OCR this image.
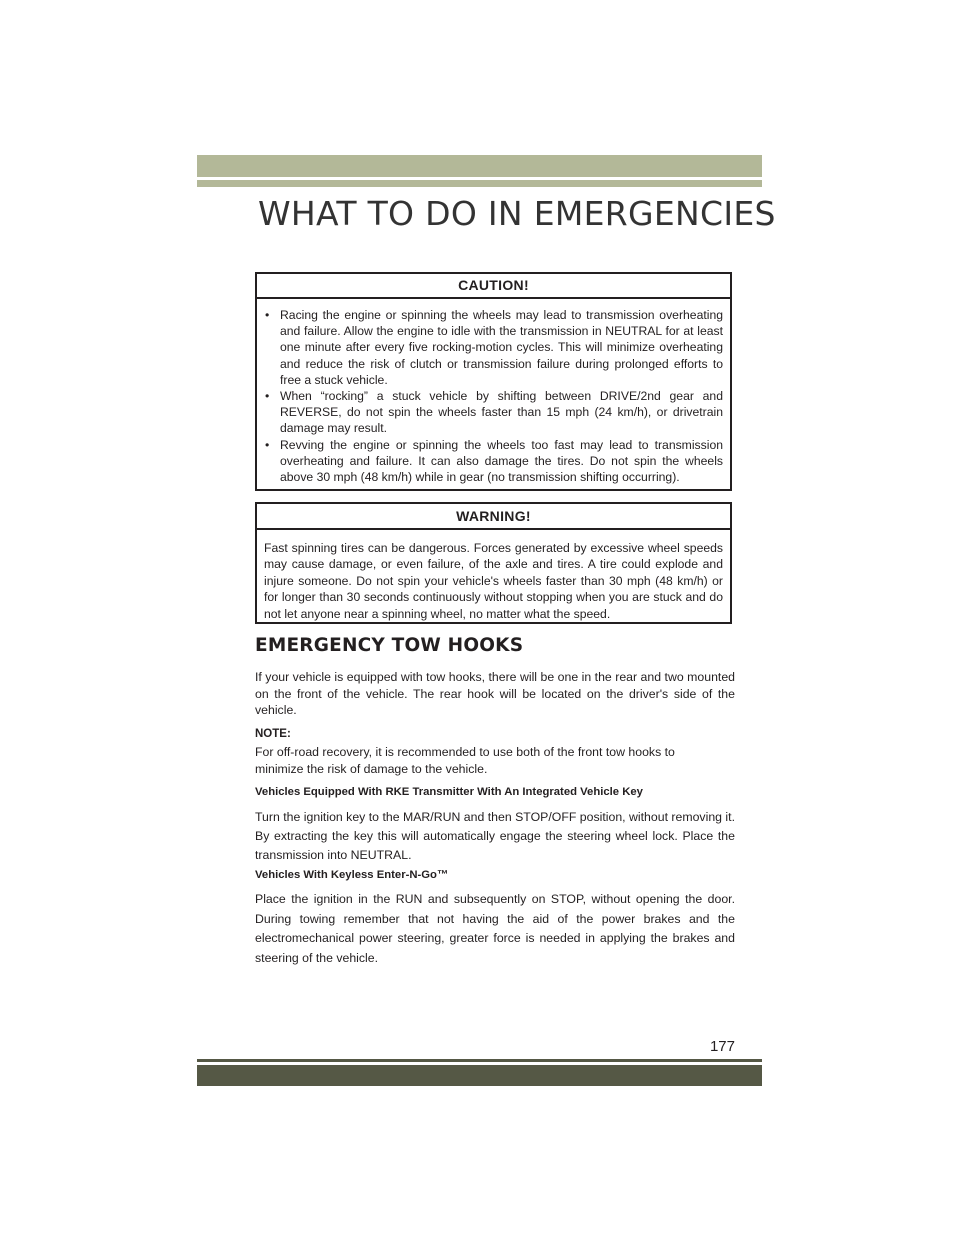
WHAT TO DO IN EMERGENCIES
CAUTION!
• Racing the engine or spinning the wheels may lead to transmission overheating and failure. Allow the engine to idle with the transmission in NEUTRAL for at least one minute after every five rocking-motion cycles. This will minimize overheating and reduce the risk of clutch or transmission failure during prolonged efforts to free a stuck vehicle.
• When “rocking” a stuck vehicle by shifting between DRIVE/2nd gear and REVERSE, do not spin the wheels faster than 15 mph (24 km/h), or drivetrain damage may result.
• Revving the engine or spinning the wheels too fast may lead to transmission overheating and failure. It can also damage the tires. Do not spin the wheels above 30 mph (48 km/h) while in gear (no transmission shifting occurring).
WARNING!

Fast spinning tires can be dangerous. Forces generated by excessive wheel speeds may cause damage, or even failure, of the axle and tires. A tire could explode and injure someone. Do not spin your vehicle's wheels faster than 30 mph (48 km/h) or for longer than 30 seconds continuously without stopping when you are stuck and do not let anyone near a spinning wheel, no matter what the speed.

EMERGENCY TOW HOOKS

If your vehicle is equipped with tow hooks, there will be one in the rear and two mounted on the front of the vehicle. The rear hook will be located on the driver's side of the vehicle.

NOTE:

For off-road recovery, it is recommended to use both of the front tow hooks to minimize the risk of damage to the vehicle.

Vehicles Equipped With RKE Transmitter With An Integrated Vehicle Key

Turn the ignition key to the MAR/RUN and then STOP/OFF position, without removing it. By extracting the key this will automatically engage the steering wheel lock. Place the transmission into NEUTRAL.

Vehicles With Keyless Enter-N-Go™

Place the ignition in the RUN and subsequently on STOP, without opening the door. During towing remember that not having the aid of the power brakes and the electromechanical power steering, greater force is needed in applying the brakes and steering of the vehicle.

177
